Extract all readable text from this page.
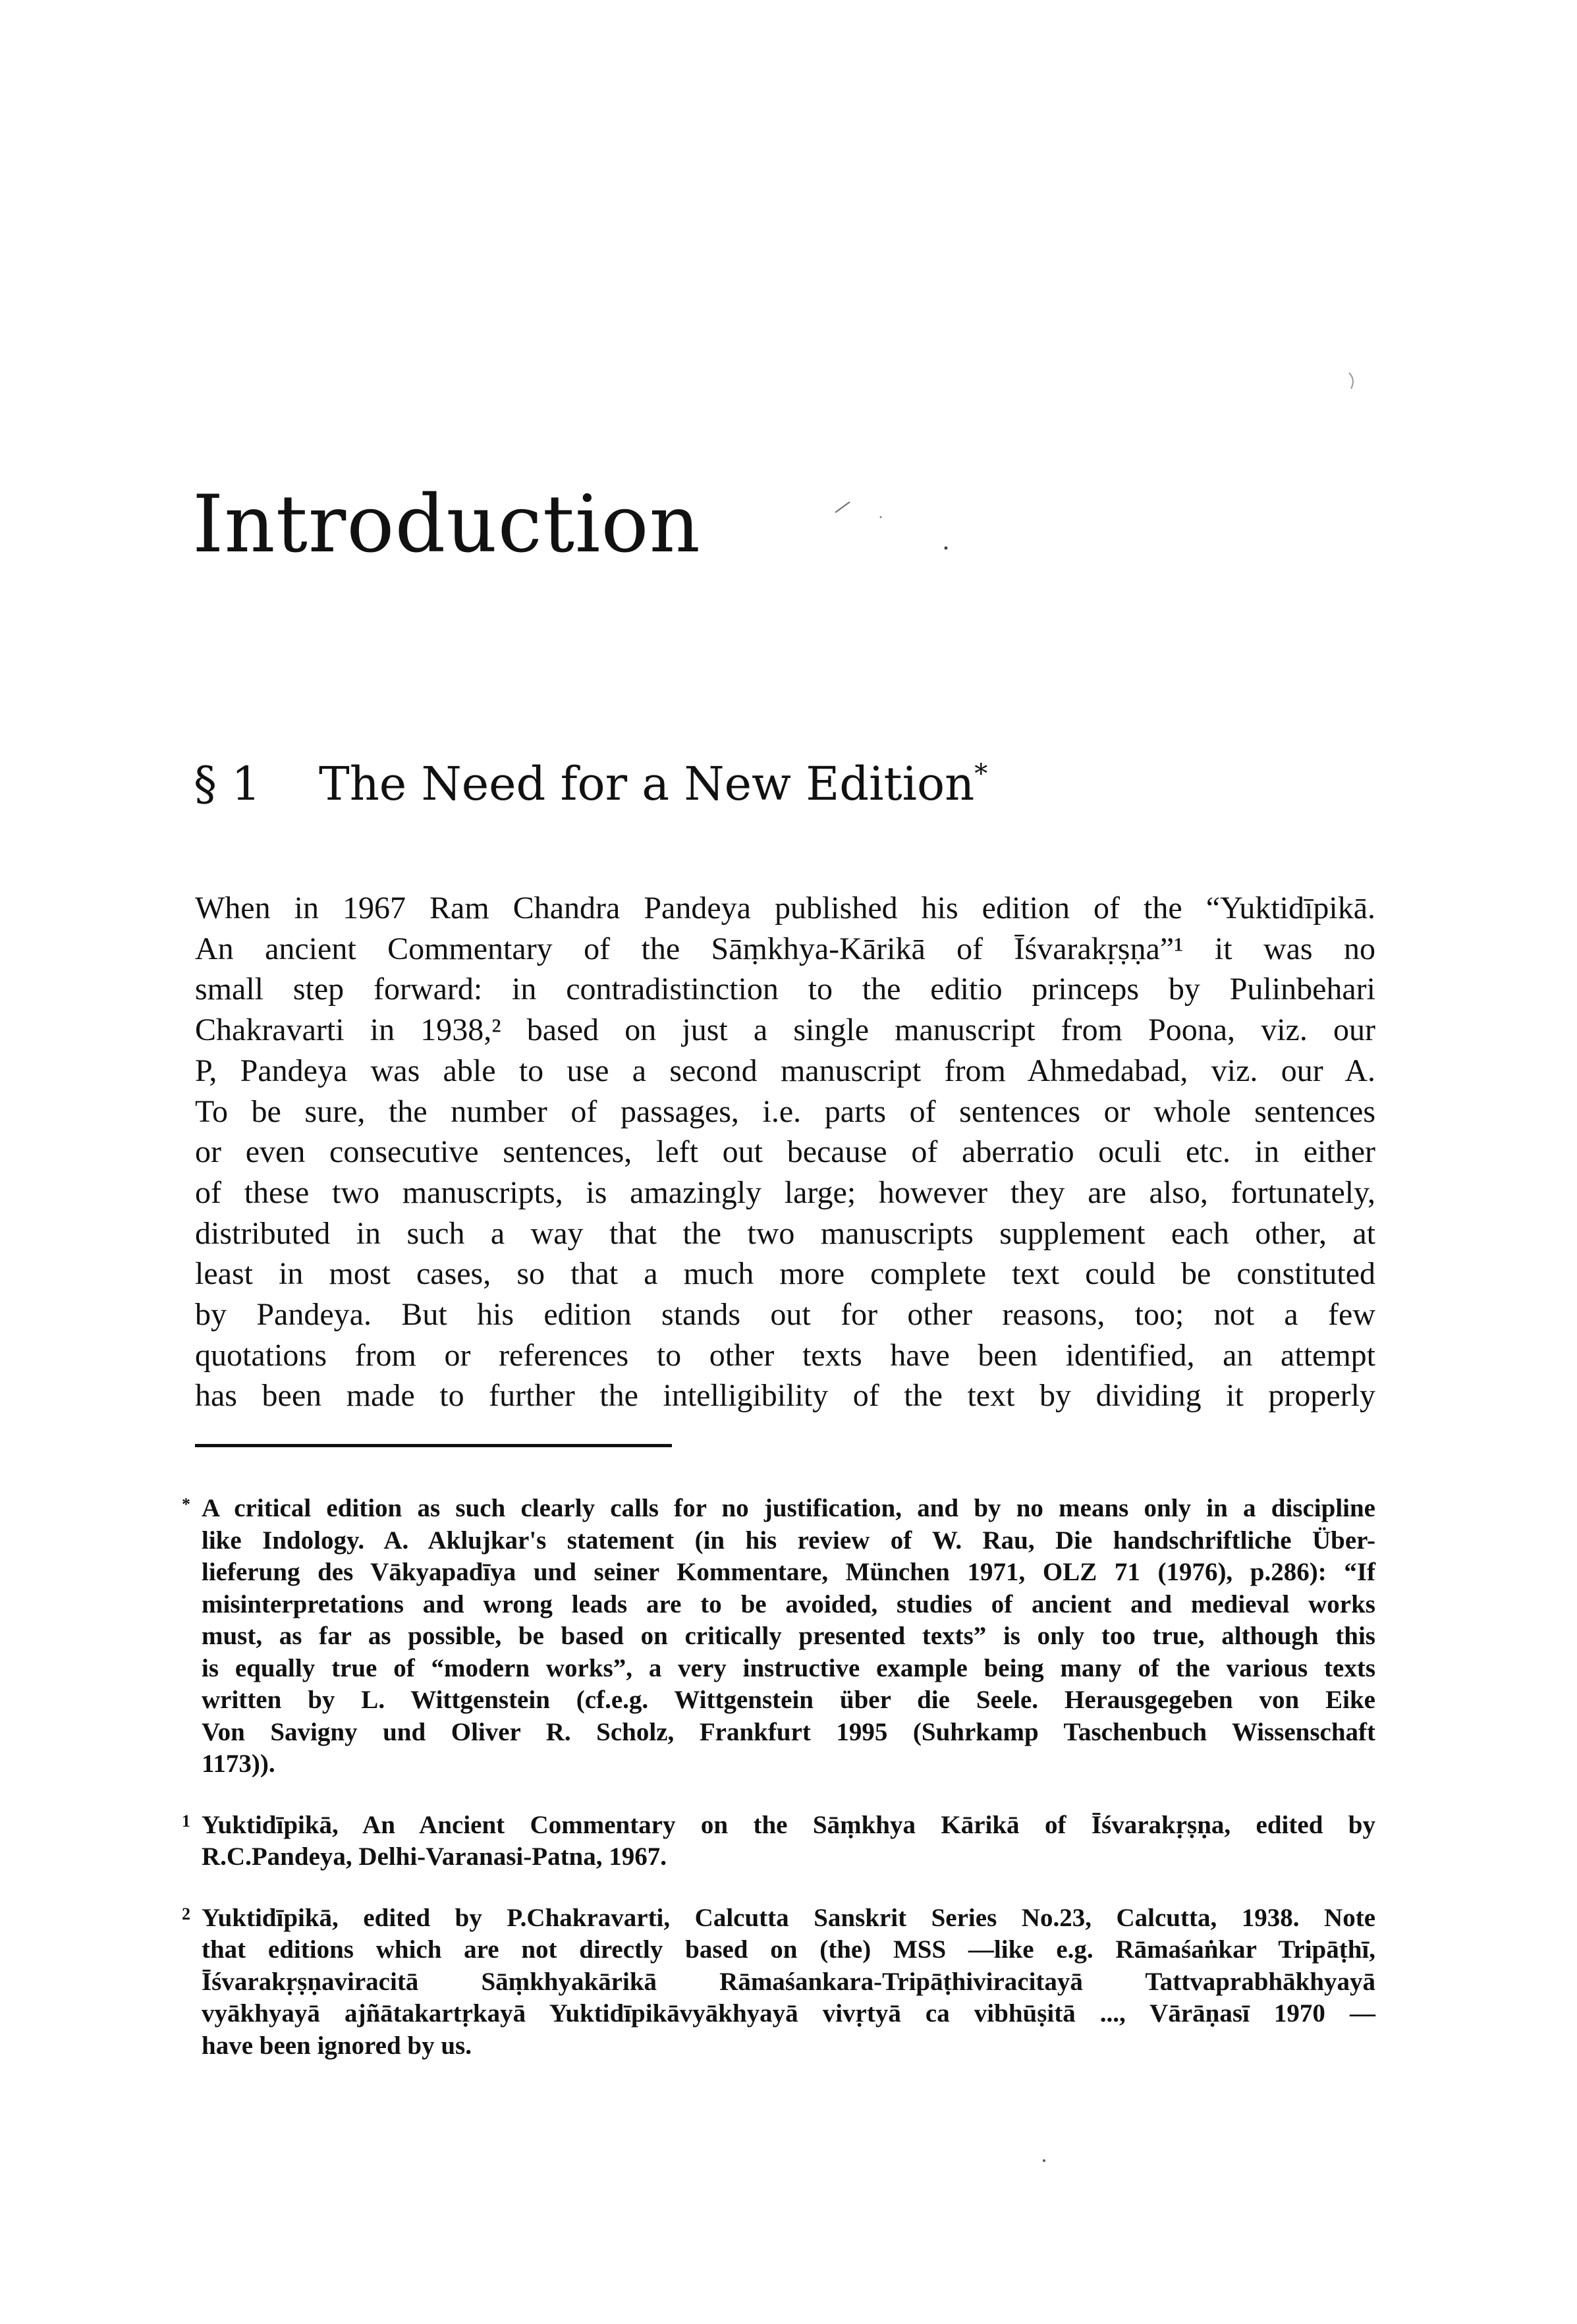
Introduction
§ 1 The Need for a New Edition*
When in 1967 Ram Chandra Pandeya published his edition of the “Yuktidīpikā.
An ancient Commentary of the Sāṃkhya-Kārikā of Īśvarakṛṣṇa”¹ it was no
small step forward: in contradistinction to the editio princeps by Pulinbehari
Chakravarti in 1938,² based on just a single manuscript from Poona, viz. our
P, Pandeya was able to use a second manuscript from Ahmedabad, viz. our A.
To be sure, the number of passages, i.e. parts of sentences or whole sentences
or even consecutive sentences, left out because of aberratio oculi etc. in either
of these two manuscripts, is amazingly large; however they are also, fortunately,
distributed in such a way that the two manuscripts supplement each other, at
least in most cases, so that a much more complete text could be constituted
by Pandeya. But his edition stands out for other reasons, too; not a few
quotations from or references to other texts have been identified, an attempt
has been made to further the intelligibility of the text by dividing it properly
* A critical edition as such clearly calls for no justification, and by no means only in a discipline
like Indology. A. Aklujkar's statement (in his review of W. Rau, Die handschriftliche Über-
lieferung des Vākyapadīya und seiner Kommentare, München 1971, OLZ 71 (1976), p.286): “If
misinterpretations and wrong leads are to be avoided, studies of ancient and medieval works
must, as far as possible, be based on critically presented texts” is only too true, although this
is equally true of “modern works”, a very instructive example being many of the various texts
written by L. Wittgenstein (cf.e.g. Wittgenstein über die Seele. Herausgegeben von Eike
Von Savigny und Oliver R. Scholz, Frankfurt 1995 (Suhrkamp Taschenbuch Wissenschaft
1173)).
1 Yuktidīpikā, An Ancient Commentary on the Sāṃkhya Kārikā of Īśvarakṛṣṇa, edited by
R.C.Pandeya, Delhi-Varanasi-Patna, 1967.
2 Yuktidīpikā, edited by P.Chakravarti, Calcutta Sanskrit Series No.23, Calcutta, 1938. Note
that editions which are not directly based on (the) MSS —like e.g. Rāmaśaṅkar Tripāṭhī,
Īśvarakṛṣṇaviracitā Sāṃkhyakārikā Rāmaśankara-Tripāṭhiviracitayā Tattvaprabhākhyayā
vyākhyayā ajñātakartṛkayā Yuktidīpikāvyākhyayā vivṛtyā ca vibhūṣitā ..., Vārāṇasī 1970 —
have been ignored by us.
